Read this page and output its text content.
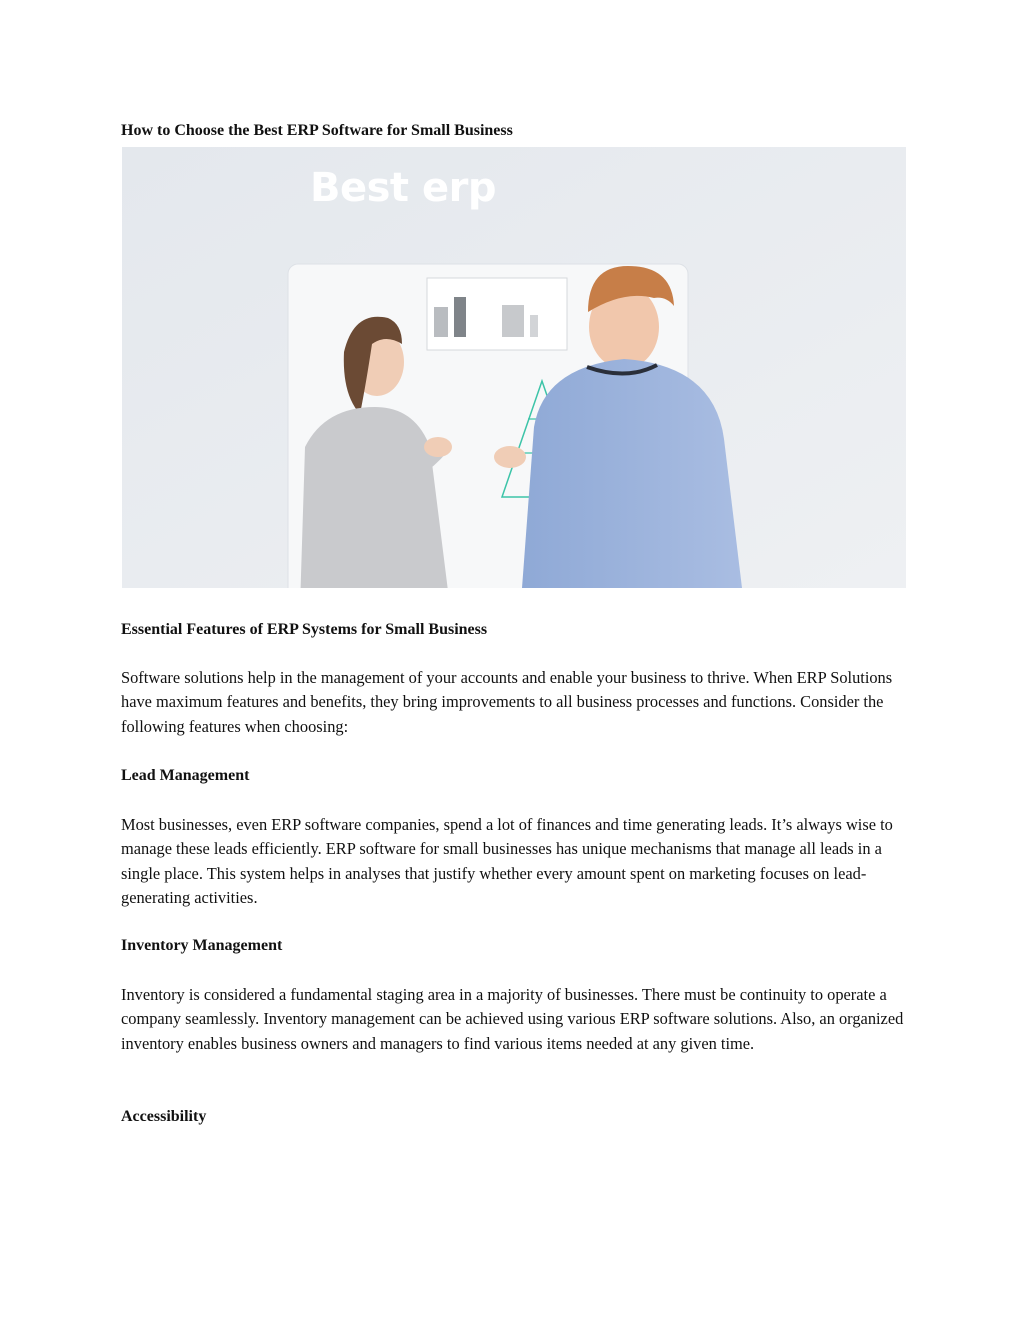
How to Choose the Best ERP Software for Small Business

Best erp

Essential Features of ERP Systems for Small Business

Software solutions help in the management of your accounts and enable your business to thrive. When ERP Solutions have maximum features and benefits, they bring improvements to all business processes and functions. Consider the following features when choosing:

Lead Management

Most businesses, even ERP software companies, spend a lot of finances and time generating leads. It’s always wise to manage these leads efficiently. ERP software for small businesses has unique mechanisms that manage all leads in a single place. This system helps in analyses that justify whether every amount spent on marketing focuses on lead-generating activities.

Inventory Management

Inventory is considered a fundamental staging area in a majority of businesses. There must be continuity to operate a company seamlessly. Inventory management can be achieved using various ERP software solutions. Also, an organized inventory enables business owners and managers to find various items needed at any given time.

Accessibility
